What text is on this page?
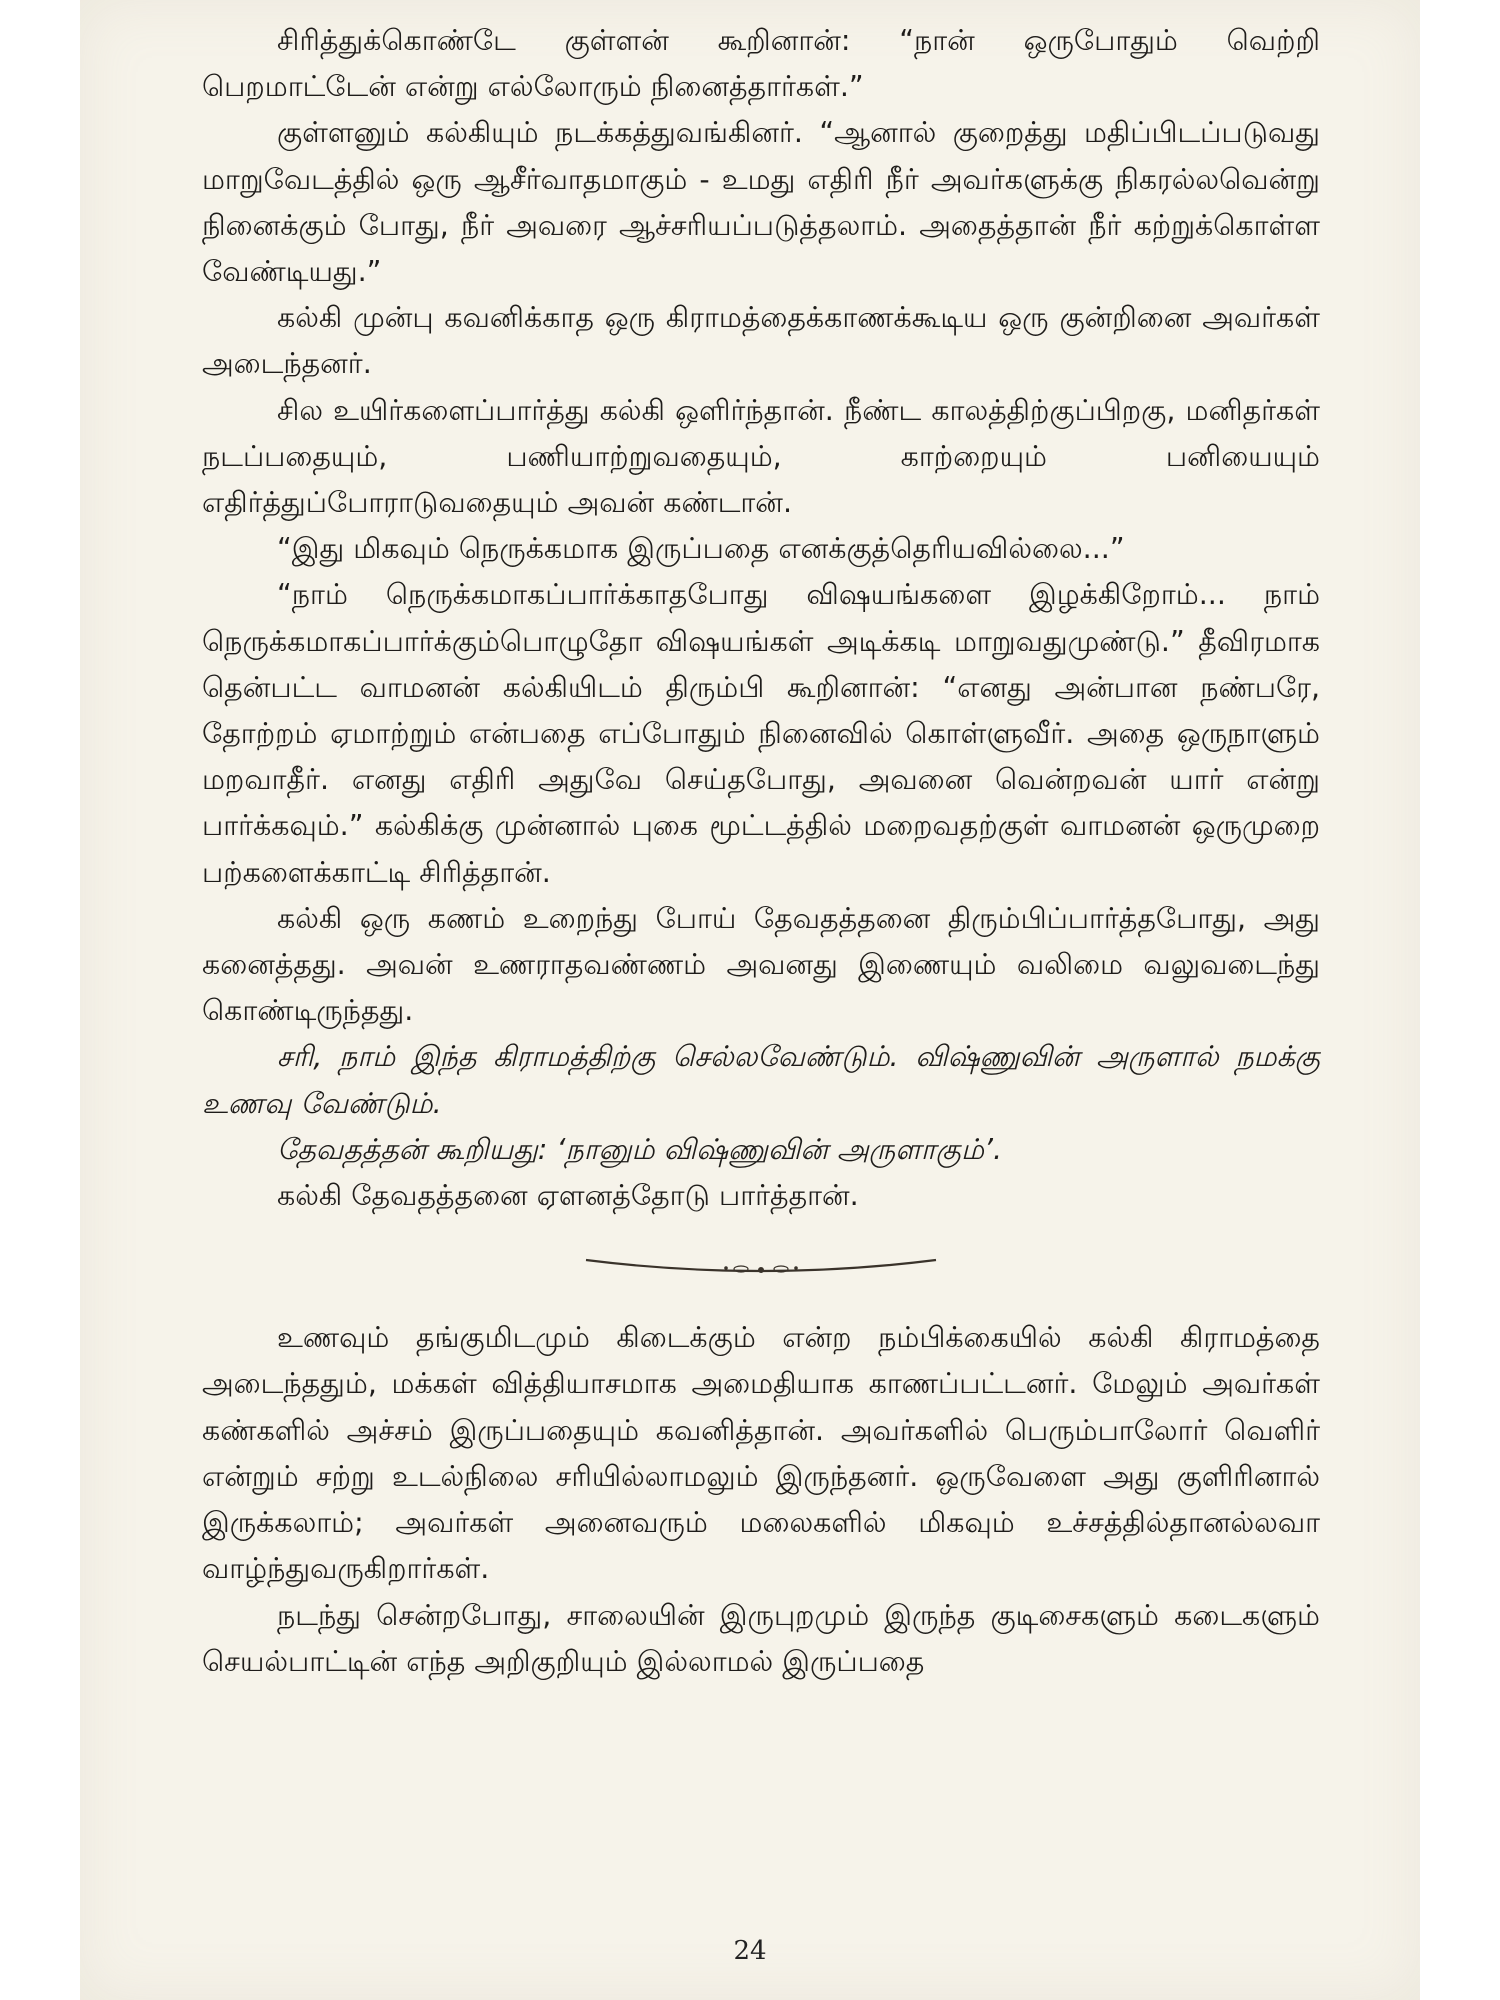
சிரித்துக்கொண்டே குள்ளன் கூறினான்: “நான் ஒருபோதும் வெற்றி பெறமாட்டேன் என்று எல்லோரும் நினைத்தார்கள்.”

குள்ளனும் கல்கியும் நடக்கத்துவங்கினர். “ஆனால் குறைத்து மதிப்பிடப்படுவது மாறுவேடத்தில் ஒரு ஆசீர்வாதமாகும் - உமது எதிரி நீர் அவர்களுக்கு நிகரல்லவென்று நினைக்கும் போது, நீர் அவரை ஆச்சரியப்படுத்தலாம். அதைத்தான் நீர் கற்றுக்கொள்ள வேண்டியது.”

கல்கி முன்பு கவனிக்காத ஒரு கிராமத்தைக்காணக்கூடிய ஒரு குன்றினை அவர்கள் அடைந்தனர்.

சில உயிர்களைப்பார்த்து கல்கி ஒளிர்ந்தான். நீண்ட காலத்திற்குப்பிறகு, மனிதர்கள் நடப்பதையும், பணியாற்றுவதையும், காற்றையும் பனியையும் எதிர்த்துப்போராடுவதையும் அவன் கண்டான்.

“இது மிகவும் நெருக்கமாக இருப்பதை எனக்குத்தெரியவில்லை...”

“நாம் நெருக்கமாகப்பார்க்காதபோது விஷயங்களை இழக்கிறோம்... நாம் நெருக்கமாகப்பார்க்கும்பொழுதோ விஷயங்கள் அடிக்கடி மாறுவதுமுண்டு.” தீவிரமாக தென்பட்ட வாமனன் கல்கியிடம் திரும்பி கூறினான்: “எனது அன்பான நண்பரே, தோற்றம் ஏமாற்றும் என்பதை எப்போதும் நினைவில் கொள்ளுவீர். அதை ஒருநாளும் மறவாதீர். எனது எதிரி அதுவே செய்தபோது, அவனை வென்றவன் யார் என்று பார்க்கவும்.” கல்கிக்கு முன்னால் புகை மூட்டத்தில் மறைவதற்குள் வாமனன் ஒருமுறை பற்களைக்காட்டி சிரித்தான்.

கல்கி ஒரு கணம் உறைந்து போய் தேவதத்தனை திரும்பிப்பார்த்தபோது, அது கனைத்தது. அவன் உணராதவண்ணம் அவனது இணையும் வலிமை வலுவடைந்து கொண்டிருந்தது.

சரி, நாம் இந்த கிராமத்திற்கு செல்லவேண்டும். விஷ்ணுவின் அருளால் நமக்கு உணவு வேண்டும்.

தேவதத்தன் கூறியது: ‘நானும் விஷ்ணுவின் அருளாகும்’.

கல்கி தேவதத்தனை ஏளனத்தோடு பார்த்தான்.

உணவும் தங்குமிடமும் கிடைக்கும் என்ற நம்பிக்கையில் கல்கி கிராமத்தை அடைந்ததும், மக்கள் வித்தியாசமாக அமைதியாக காணப்பட்டனர். மேலும் அவர்கள் கண்களில் அச்சம் இருப்பதையும் கவனித்தான். அவர்களில் பெரும்பாலோர் வெளிர் என்றும் சற்று உடல்நிலை சரியில்லாமலும் இருந்தனர். ஒருவேளை அது குளிரினால் இருக்கலாம்; அவர்கள் அனைவரும் மலைகளில் மிகவும் உச்சத்தில்தானல்லவா வாழ்ந்துவருகிறார்கள்.

நடந்து சென்றபோது, சாலையின் இருபுறமும் இருந்த குடிசைகளும் கடைகளும் செயல்பாட்டின் எந்த அறிகுறியும் இல்லாமல் இருப்பதை

24
